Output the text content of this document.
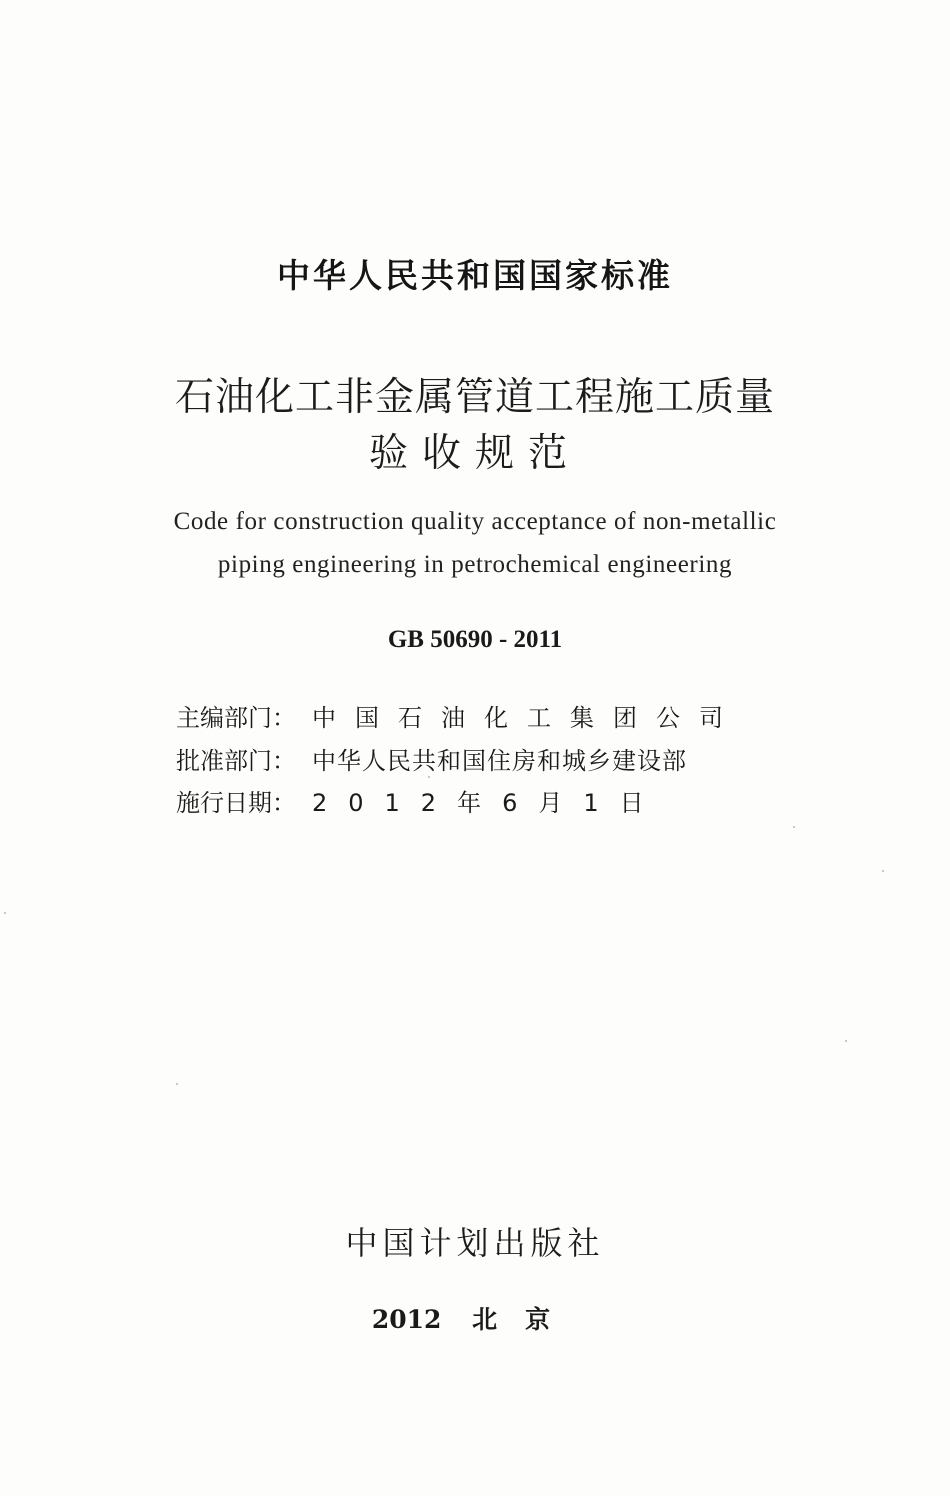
中华人民共和国国家标准
石油化工非金属管道工程施工质量
验收规范
Code for construction quality acceptance of non-metallic
piping engineering in petrochemical engineering
GB 50690 - 2011
主编部门： 中国石油化工集团公司
批准部门： 中华人民共和国住房和城乡建设部
施行日期： 2012年6月1日
中国计划出版社
2012 北京
